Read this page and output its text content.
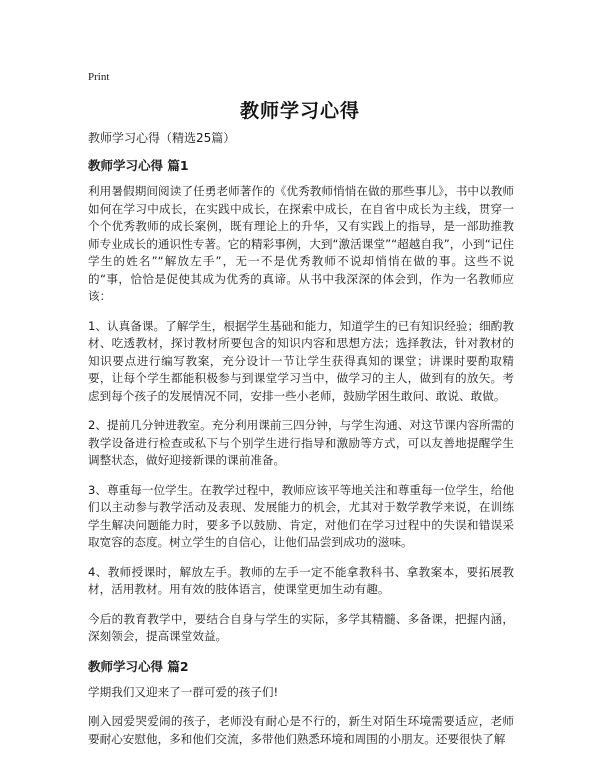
Print
教师学习心得

教师学习心得（精选25篇）

教师学习心得 篇1

利用暑假期间阅读了任勇老师著作的《优秀教师悄悄在做的那些事儿》，书中以教师如何在学习中成长，在实践中成长，在探索中成长，在自省中成长为主线，贯穿一个个优秀教师的成长案例，既有理论上的升华，又有实践上的指导，是一部助推教师专业成长的通识性专著。它的精彩事例，大到“激活课堂”“超越自我”，小到“记住学生的姓名”“解放左手”，无一不是优秀教师不说却悄悄在做的事。这些不说的“事，恰恰是促使其成为优秀的真谛。从书中我深深的体会到，作为一名教师应该：

1、认真备课。了解学生，根据学生基础和能力，知道学生的已有知识经验；细酌教材、吃透教材，探讨教材所要包含的知识内容和思想方法；选择教法，针对教材的知识要点进行编写教案，充分设计一节让学生获得真知的课堂；讲课时要酌取精要，让每个学生都能积极参与到课堂学习当中，做学习的主人，做到有的放矢。考虑到每个孩子的发展情况不同，安排一些小老师，鼓励学困生敢问、敢说、敢做。

2、提前几分钟进教室。充分利用课前三四分钟，与学生沟通、对这节课内容所需的教学设备进行检查或私下与个别学生进行指导和激励等方式，可以友善地提醒学生调整状态，做好迎接新课的课前准备。

3、尊重每一位学生。在教学过程中，教师应该平等地关注和尊重每一位学生，给他们以主动参与教学活动及表现、发展能力的机会，尤其对于数学教学来说，在训练学生解决问题能力时，要多予以鼓励、肯定，对他们在学习过程中的失误和错误采取宽容的态度。树立学生的自信心，让他们品尝到成功的滋味。

4、教师授课时，解放左手。教师的左手一定不能拿教科书、拿教案本，要拓展教材，活用教材。用有效的肢体语言，使课堂更加生动有趣。

今后的教育教学中，要结合自身与学生的实际，多学其精髓、多备课，把握内涵，深刻领会，提高课堂效益。

教师学习心得 篇2

学期我们又迎来了一群可爱的孩子们!

刚入园爱哭爱闹的孩子，老师没有耐心是不行的，新生对陌生环境需要适应，老师要耐心安慰他，多和他们交流，多带他们熟悉环境和周围的小朋友。还要很快了解
